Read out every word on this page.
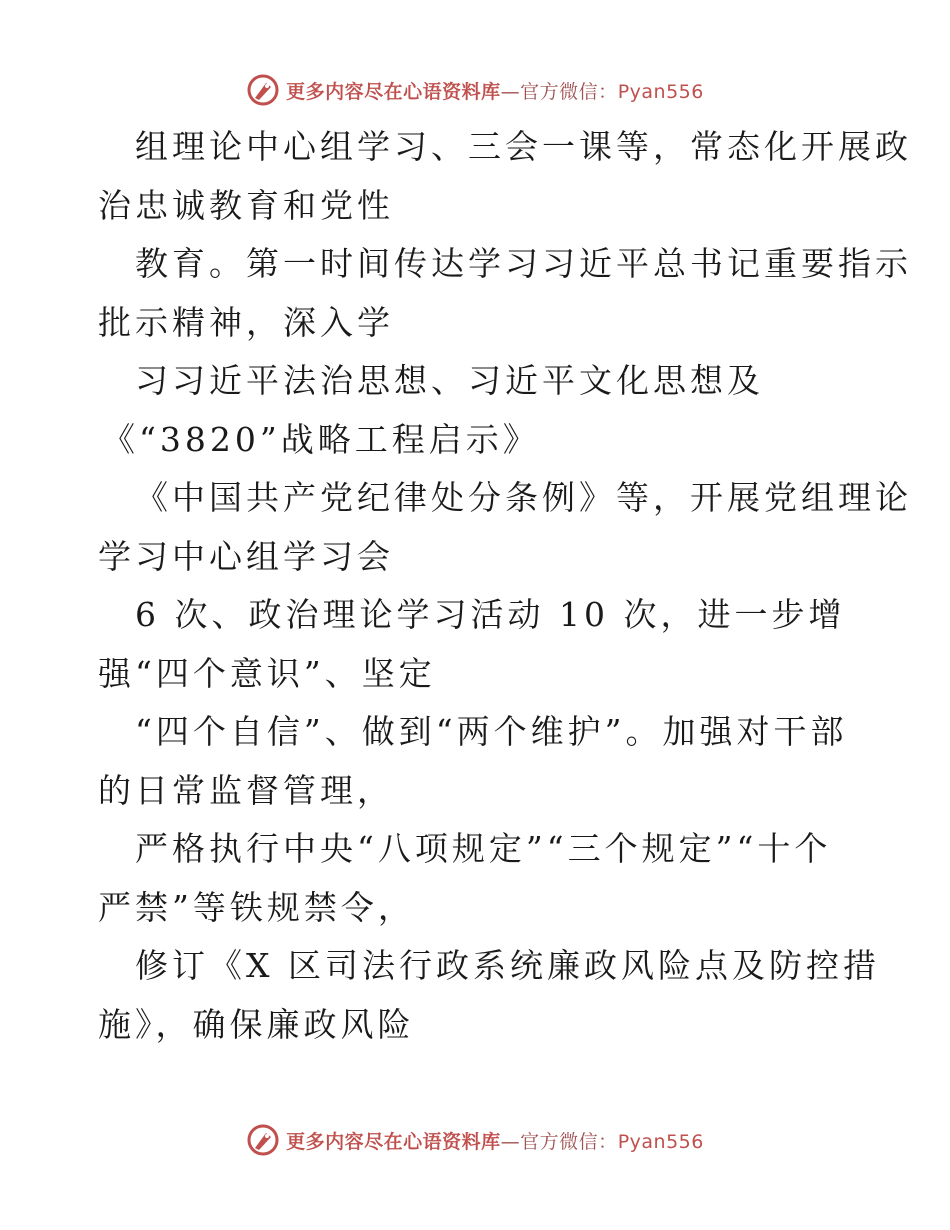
更多内容尽在心语资料库—官方微信：Pyan556
组理论中心组学习、三会一课等，常态化开展政
治忠诚教育和党性
教育。第一时间传达学习习近平总书记重要指示
批示精神，深入学
习习近平法治思想、习近平文化思想及
《“3820”战略工程启示》
《中国共产党纪律处分条例》等，开展党组理论
学习中心组学习会
6 次、政治理论学习活动 10 次，进一步增
强“四个意识”、坚定
“四个自信”、做到“两个维护”。加强对干部
的日常监督管理，
严格执行中央“八项规定”“三个规定”“十个
严禁”等铁规禁令，
修订《X 区司法行政系统廉政风险点及防控措
施》，确保廉政风险
更多内容尽在心语资料库—官方微信：Pyan556
